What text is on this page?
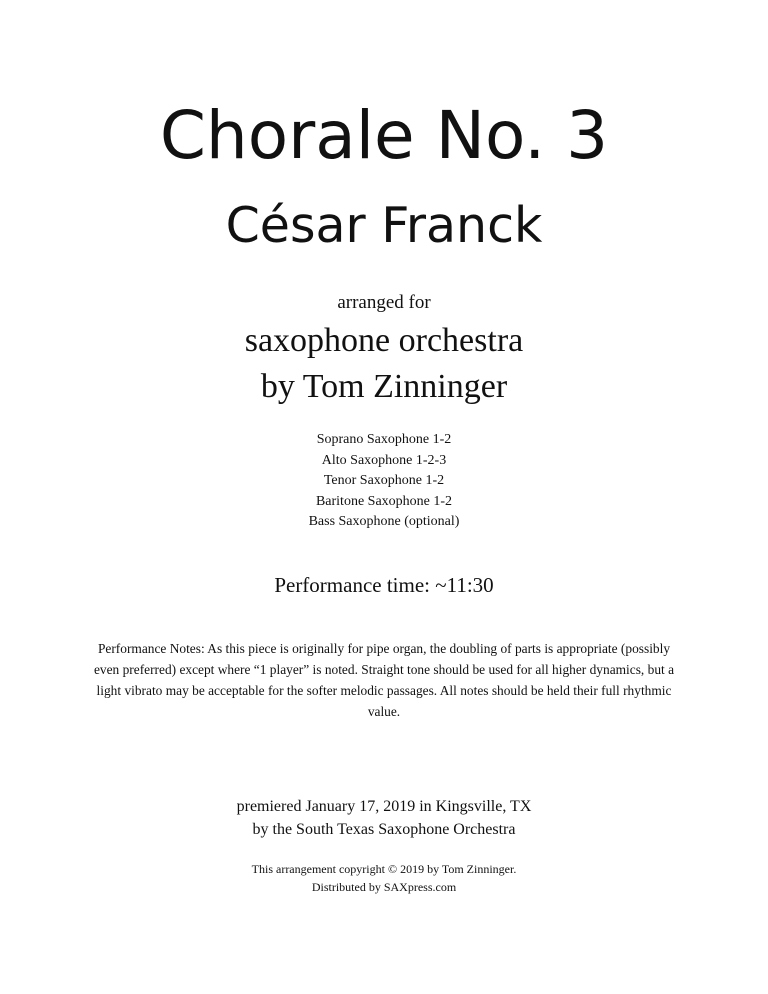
Chorale No. 3
César Franck
arranged for
saxophone orchestra
by Tom Zinninger
Soprano Saxophone 1-2
Alto Saxophone 1-2-3
Tenor Saxophone 1-2
Baritone Saxophone 1-2
Bass Saxophone (optional)
Performance time: ~11:30
Performance Notes: As this piece is originally for pipe organ, the doubling of parts is appropriate (possibly even preferred) except where “1 player” is noted. Straight tone should be used for all higher dynamics, but a light vibrato may be acceptable for the softer melodic passages. All notes should be held their full rhythmic value.
premiered January 17, 2019 in Kingsville, TX
by the South Texas Saxophone Orchestra
This arrangement copyright © 2019 by Tom Zinninger.
Distributed by SAXpress.com
